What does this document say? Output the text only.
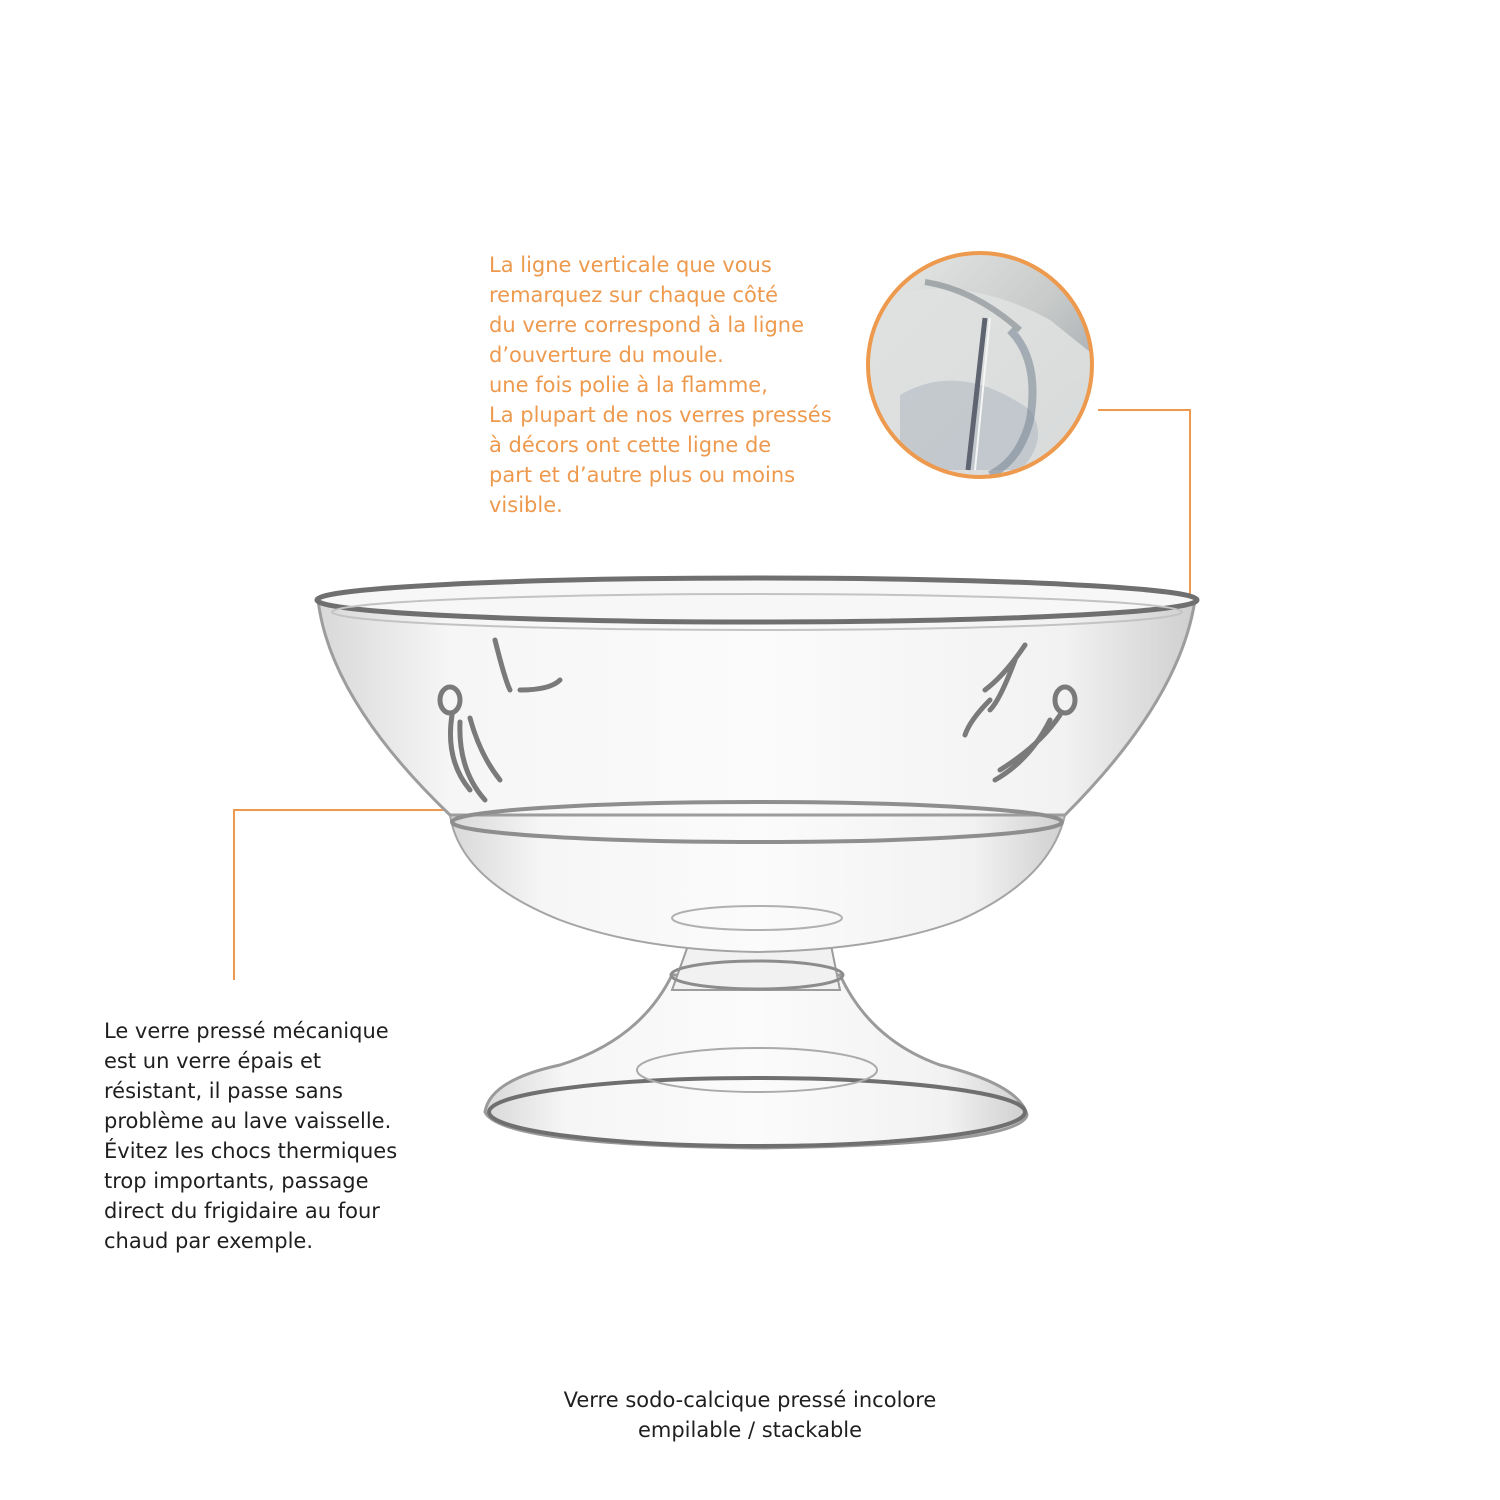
La ligne verticale que vous
remarquez sur chaque côté
du verre correspond à la ligne
d’ouverture du moule.
une fois polie à la flamme,
La plupart de nos verres pressés
à décors ont cette ligne de
part et d’autre plus ou moins
visible.
Le verre pressé mécanique
est un verre épais et
résistant, il passe sans
problème au lave vaisselle.
Évitez les chocs thermiques
trop importants, passage
direct du frigidaire au four
chaud par exemple.
Verre sodo-calcique pressé incolore
empilable / stackable
